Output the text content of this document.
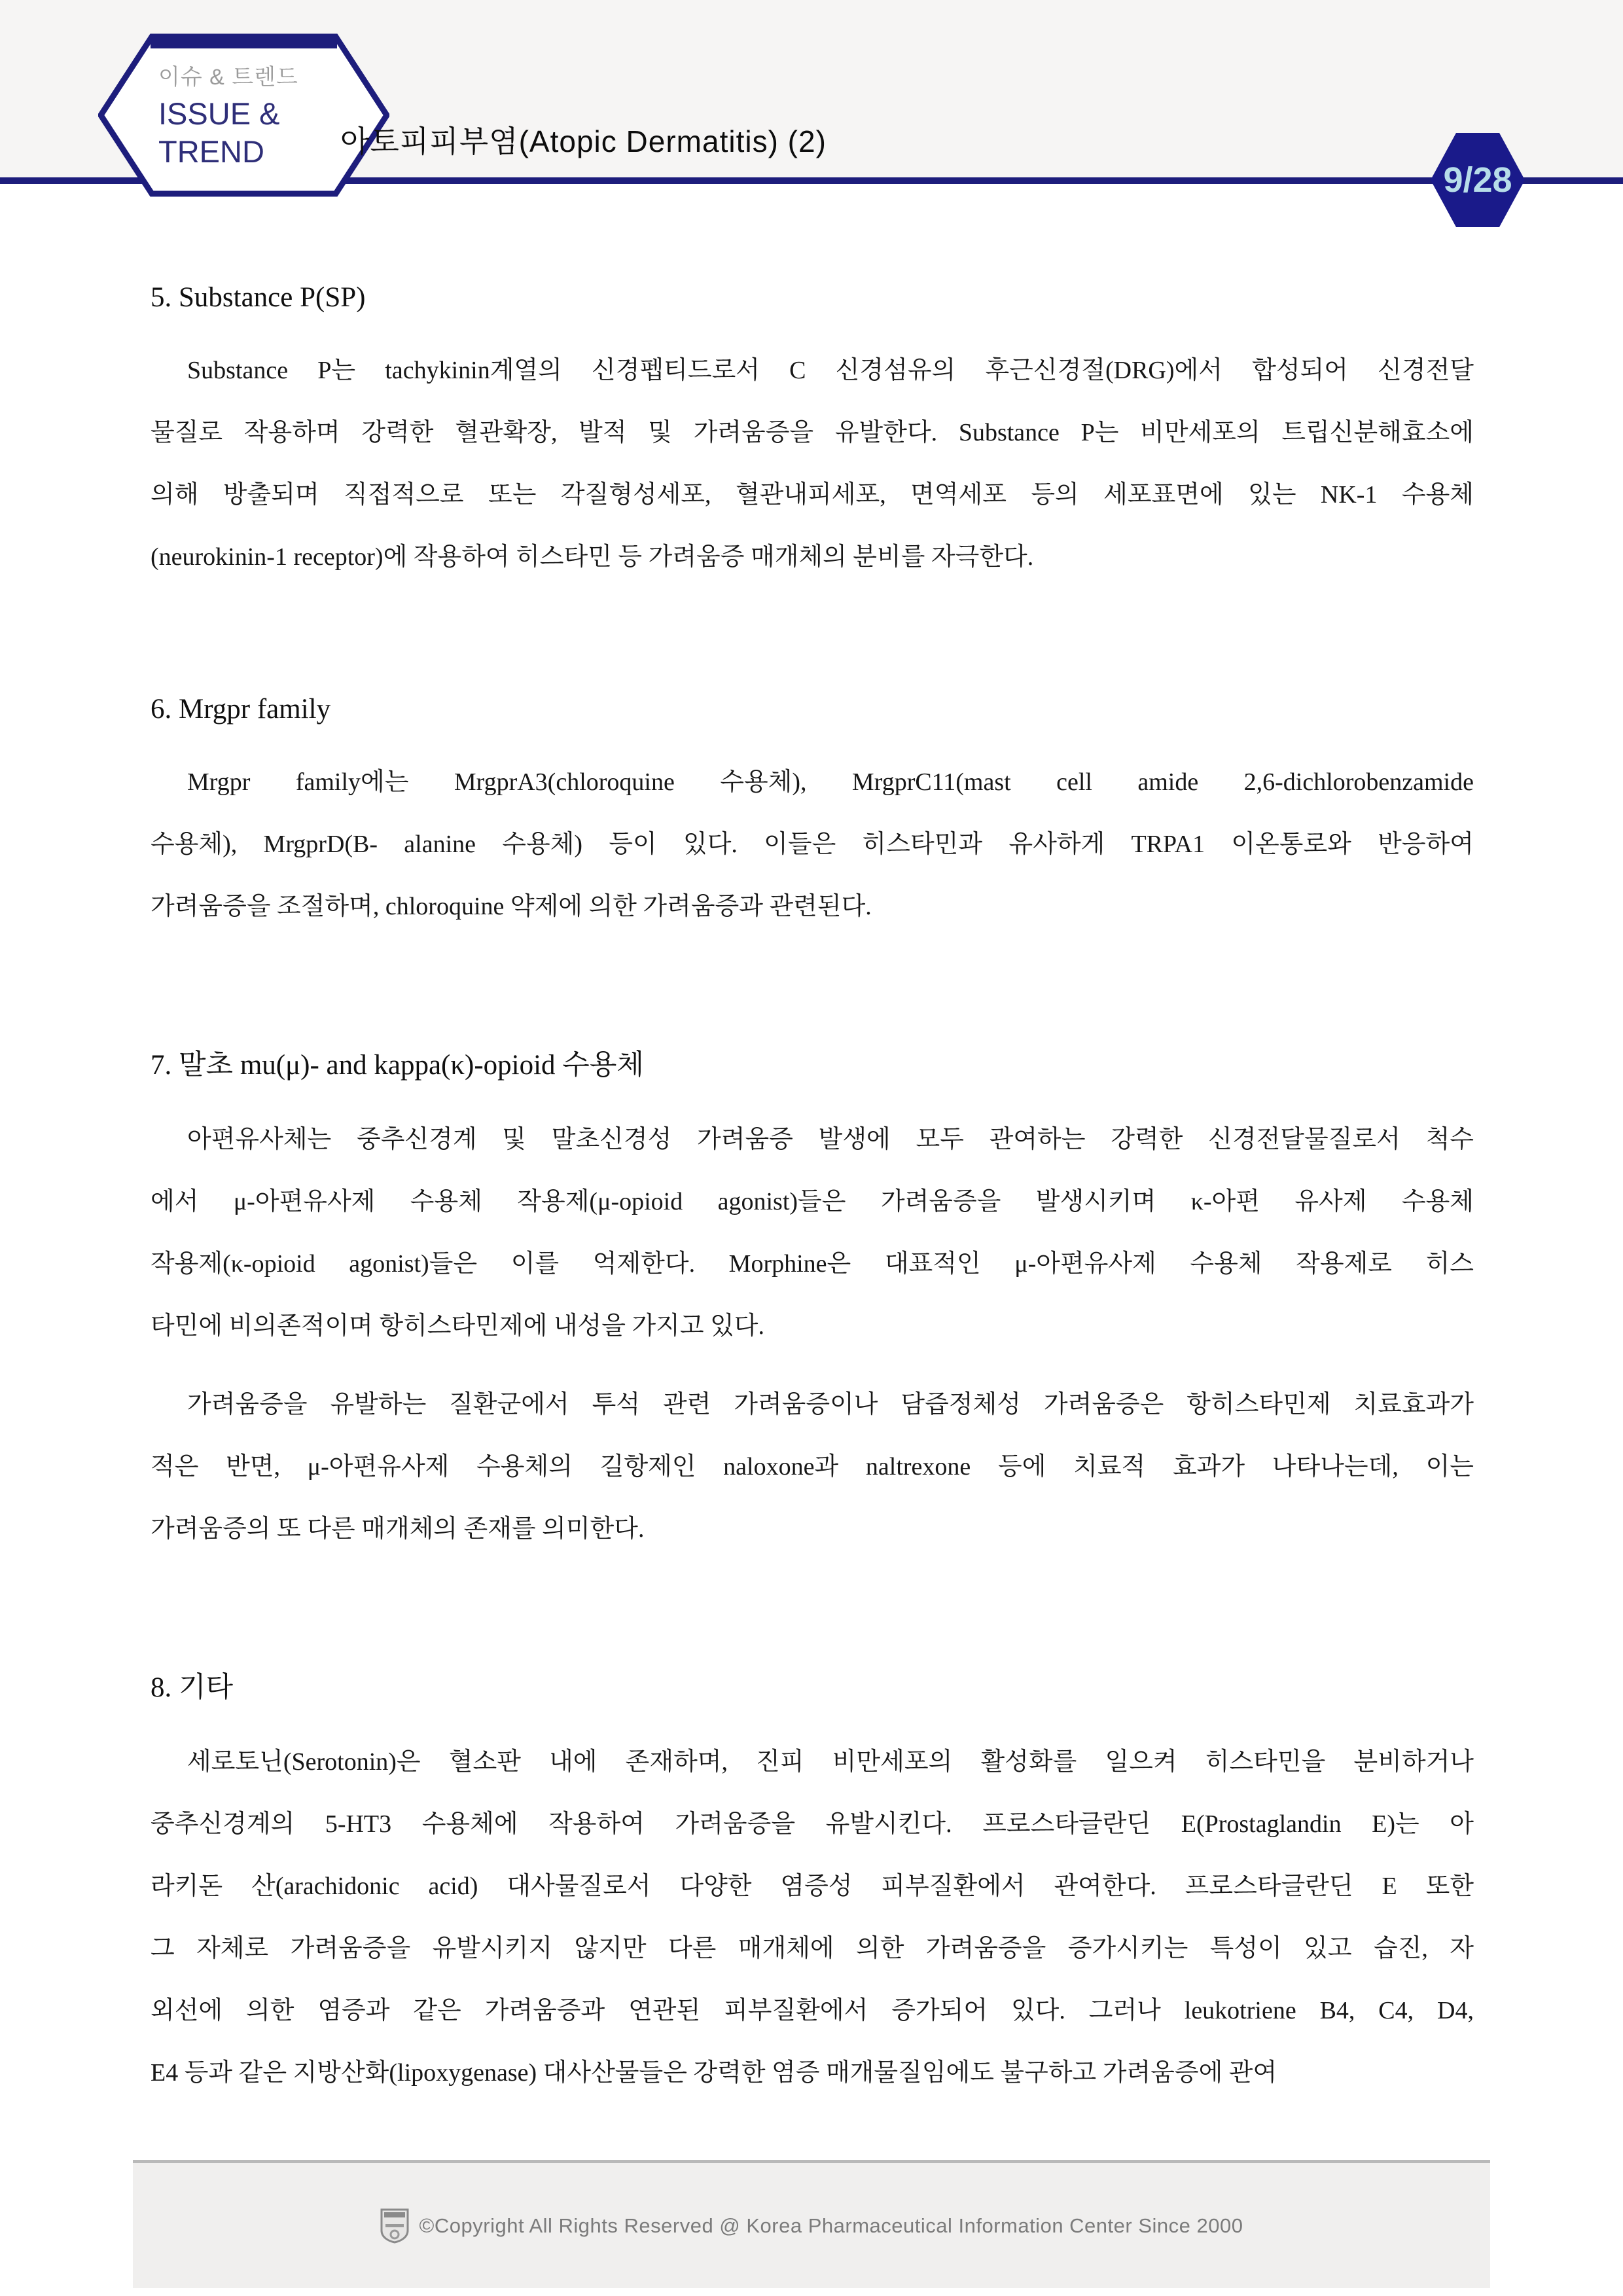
이슈 & 트렌드
ISSUE &
TREND	아토피피부염(Atopic Dermatitis) (2)
9/28
5. Substance P(SP)
Substance P는 tachykinin계열의 신경펩티드로서 C 신경섬유의 후근신경절(DRG)에서 합성되어 신경전달
물질로 작용하며 강력한 혈관확장, 발적 및 가려움증을 유발한다. Substance P는 비만세포의 트립신분해효소에
의해 방출되며 직접적으로 또는 각질형성세포, 혈관내피세포, 면역세포 등의 세포표면에 있는 NK-1 수용체
(neurokinin-1 receptor)에 작용하여 히스타민 등 가려움증 매개체의 분비를 자극한다.
6. Mrgpr family
Mrgpr family에는 MrgprA3(chloroquine 수용체), MrgprC11(mast cell amide 2,6-dichlorobenzamide
수용체), MrgprD(B- alanine 수용체) 등이 있다. 이들은 히스타민과 유사하게 TRPA1 이온통로와 반응하여
가려움증을 조절하며, chloroquine 약제에 의한 가려움증과 관련된다.
7. 말초 mu(μ)- and kappa(κ)-opioid 수용체
아편유사체는 중추신경계 및 말초신경성 가려움증 발생에 모두 관여하는 강력한 신경전달물질로서 척수
에서 μ-아편유사제 수용체 작용제(μ-opioid agonist)들은 가려움증을 발생시키며 κ-아편 유사제 수용체
작용제(κ-opioid agonist)들은 이를 억제한다. Morphine은 대표적인 μ-아편유사제 수용체 작용제로 히스
타민에 비의존적이며 항히스타민제에 내성을 가지고 있다.
가려움증을 유발하는 질환군에서 투석 관련 가려움증이나 담즙정체성 가려움증은 항히스타민제 치료효과가
적은 반면, μ-아편유사제 수용체의 길항제인 naloxone과 naltrexone 등에 치료적 효과가 나타나는데, 이는
가려움증의 또 다른 매개체의 존재를 의미한다.
8. 기타
세로토닌(Serotonin)은 혈소판 내에 존재하며, 진피 비만세포의 활성화를 일으켜 히스타민을 분비하거나
중추신경계의 5-HT3 수용체에 작용하여 가려움증을 유발시킨다. 프로스타글란딘 E(Prostaglandin E)는 아
라키돈 산(arachidonic acid) 대사물질로서 다양한 염증성 피부질환에서 관여한다. 프로스타글란딘 E 또한
그 자체로 가려움증을 유발시키지 않지만 다른 매개체에 의한 가려움증을 증가시키는 특성이 있고 습진, 자
외선에 의한 염증과 같은 가려움증과 연관된 피부질환에서 증가되어 있다. 그러나 leukotriene B4, C4, D4,
E4 등과 같은 지방산화(lipoxygenase) 대사산물들은 강력한 염증 매개물질임에도 불구하고 가려움증에 관여
©Copyright All Rights Reserved @ Korea Pharmaceutical Information Center Since 2000
